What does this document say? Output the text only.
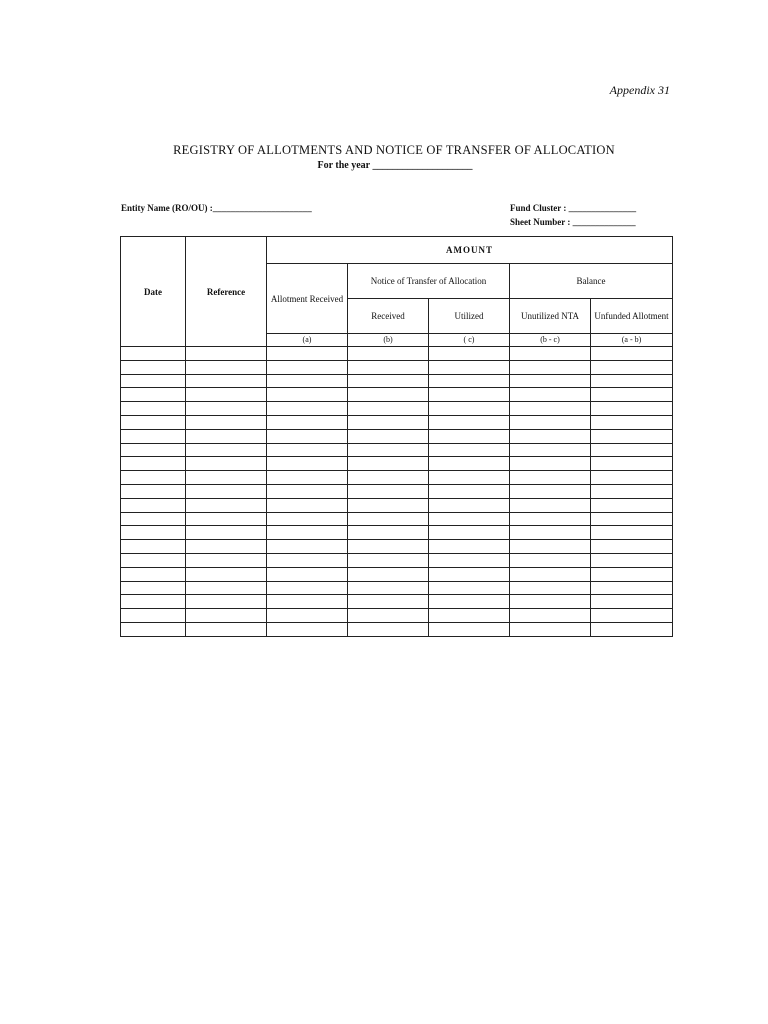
Appendix 31
REGISTRY OF ALLOTMENTS AND NOTICE OF TRANSFER OF ALLOCATION
For the year ____________________
Entity Name (RO/OU) :______________________	Fund Cluster : _______________
Sheet Number : ______________
Date	Reference	AMOUNT				
		Allotment Received	Notice of Transfer of Allocation		Balance	
			Received	Utilized	Unutilized NTA	Unfunded Allotment
		(a)	(b)	( c)	(b - c)	(a - b)
